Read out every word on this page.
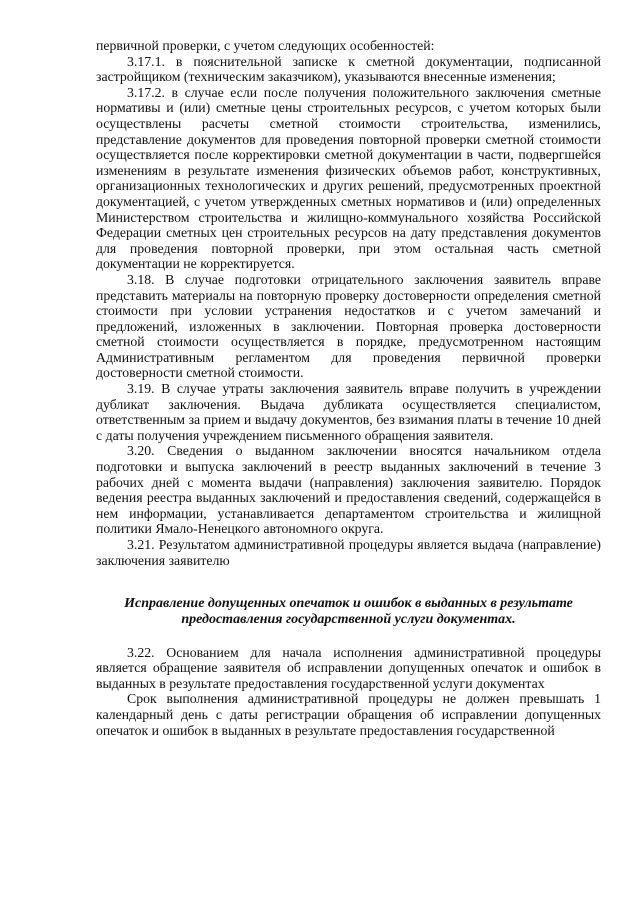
первичной проверки, с учетом следующих особенностей:

3.17.1. в пояснительной записке к сметной документации, подписанной застройщиком (техническим заказчиком), указываются внесенные изменения;

3.17.2. в случае если после получения положительного заключения сметные нормативы и (или) сметные цены строительных ресурсов, с учетом которых были осуществлены расчеты сметной стоимости строительства, изменились, представление документов для проведения повторной проверки сметной стоимости осуществляется после корректировки сметной документации в части, подвергшейся изменениям в результате изменения физических объемов работ, конструктивных, организационных технологических и других решений, предусмотренных проектной документацией, с учетом утвержденных сметных нормативов и (или) определенных Министерством строительства и жилищно-коммунального хозяйства Российской Федерации сметных цен строительных ресурсов на дату представления документов для проведения повторной проверки, при этом остальная часть сметной документации не корректируется.

3.18. В случае подготовки отрицательного заключения заявитель вправе представить материалы на повторную проверку достоверности определения сметной стоимости при условии устранения недостатков и с учетом замечаний и предложений, изложенных в заключении. Повторная проверка достоверности сметной стоимости осуществляется в порядке, предусмотренном настоящим Административным регламентом для проведения первичной проверки достоверности сметной стоимости.

3.19. В случае утраты заключения заявитель вправе получить в учреждении дубликат заключения. Выдача дубликата осуществляется специалистом, ответственным за прием и выдачу документов, без взимания платы в течение 10 дней с даты получения учреждением письменного обращения заявителя.

3.20. Сведения о выданном заключении вносятся начальником отдела подготовки и выпуска заключений в реестр выданных заключений в течение 3 рабочих дней с момента выдачи (направления) заключения заявителю. Порядок ведения реестра выданных заключений и предоставления сведений, содержащейся в нем информации, устанавливается департаментом строительства и жилищной политики Ямало-Ненецкого автономного округа.

3.21. Результатом административной процедуры является выдача (направление) заключения заявителю

Исправление допущенных опечаток и ошибок в выданных в результате предоставления государственной услуги документах.

3.22. Основанием для начала исполнения административной процедуры является обращение заявителя об исправлении допущенных опечаток и ошибок в выданных в результате предоставления государственной услуги документах

Срок выполнения административной процедуры не должен превышать 1 календарный день с даты регистрации обращения об исправлении допущенных опечаток и ошибок в выданных в результате предоставления государственной
